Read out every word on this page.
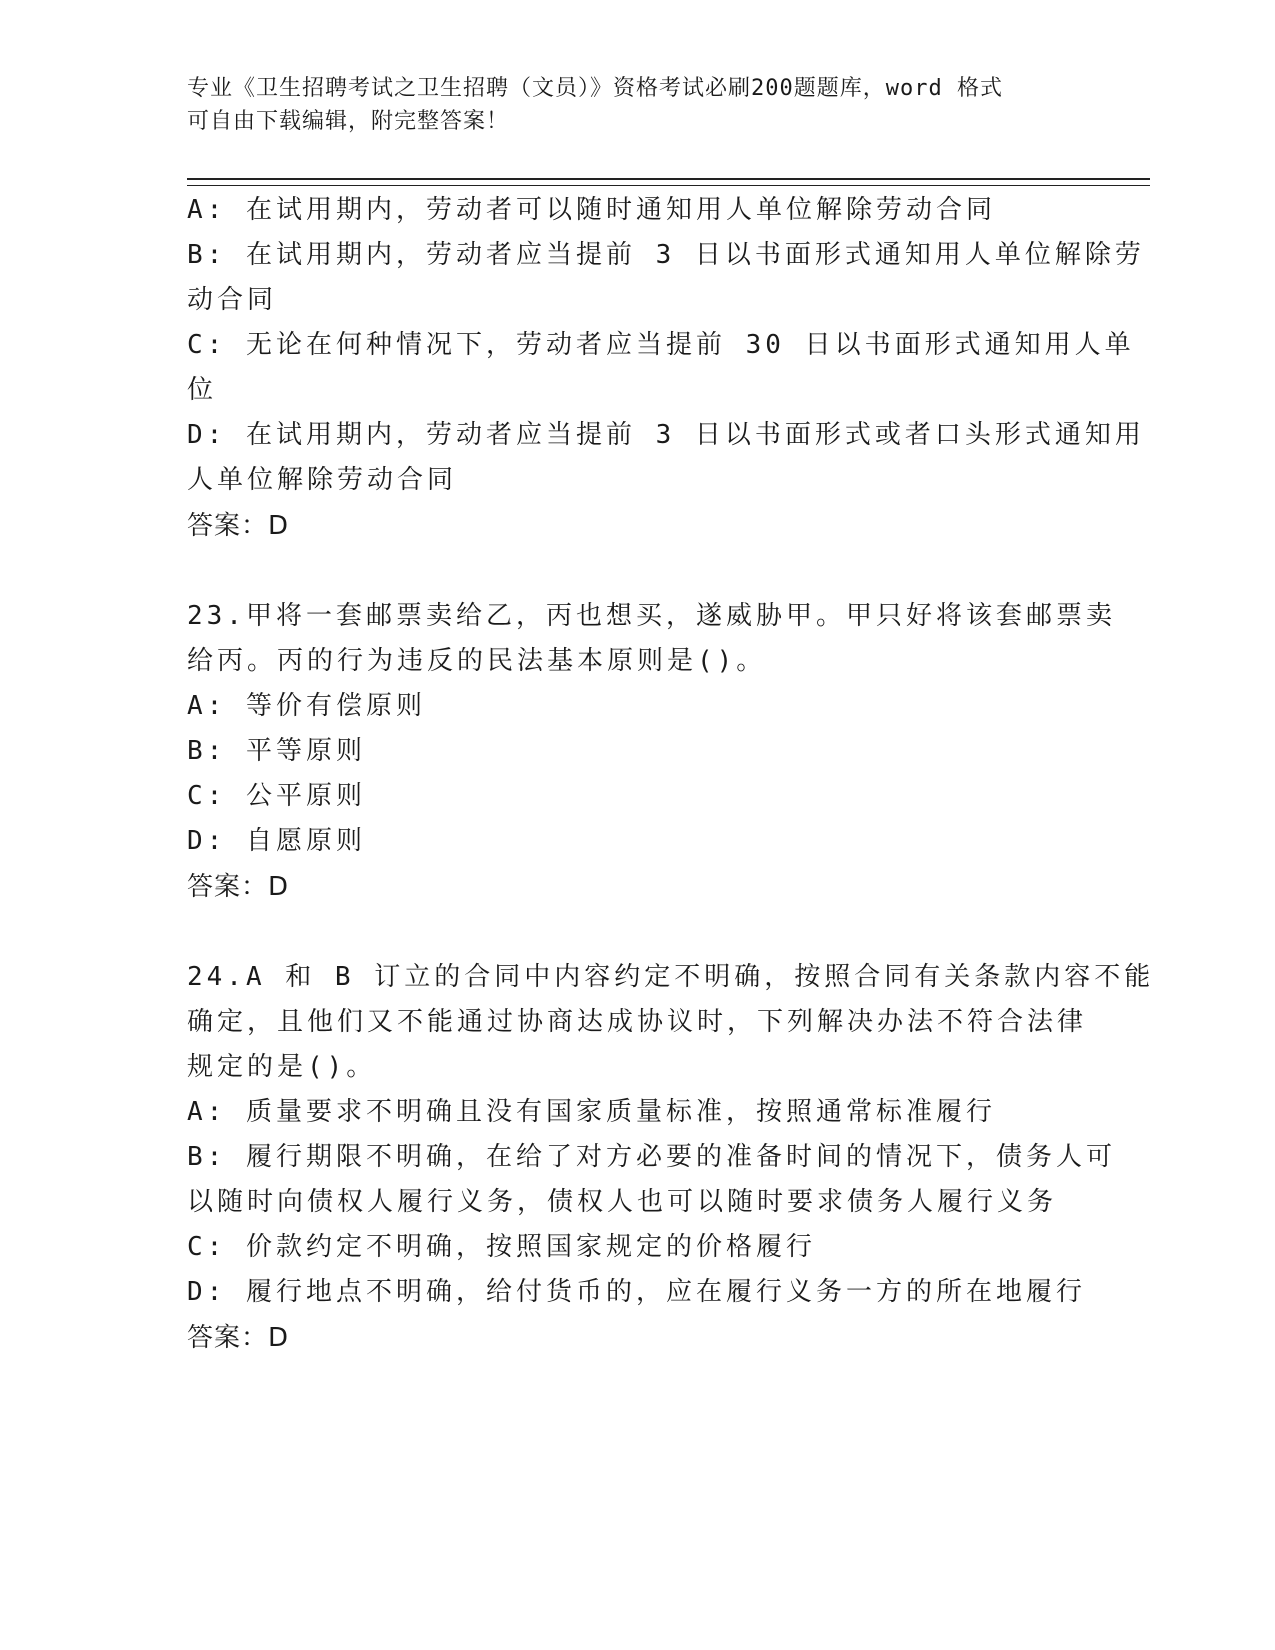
专业《卫生招聘考试之卫生招聘（文员）》资格考试必刷200题题库，word 格式
可自由下载编辑，附完整答案！
A: 在试用期内，劳动者可以随时通知用人单位解除劳动合同
B: 在试用期内，劳动者应当提前 3 日以书面形式通知用人单位解除劳
动合同
C: 无论在何种情况下，劳动者应当提前 30 日以书面形式通知用人单
位
D: 在试用期内，劳动者应当提前 3 日以书面形式或者口头形式通知用
人单位解除劳动合同
答案：D
23.甲将一套邮票卖给乙，丙也想买，遂威胁甲。甲只好将该套邮票卖
给丙。丙的行为违反的民法基本原则是()。
A: 等价有偿原则
B: 平等原则
C: 公平原则
D: 自愿原则
答案：D
24.A 和 B 订立的合同中内容约定不明确，按照合同有关条款内容不能
确定，且他们又不能通过协商达成协议时，下列解决办法不符合法律
规定的是()。
A: 质量要求不明确且没有国家质量标准，按照通常标准履行
B: 履行期限不明确，在给了对方必要的准备时间的情况下，债务人可
以随时向债权人履行义务，债权人也可以随时要求债务人履行义务
C: 价款约定不明确，按照国家规定的价格履行
D: 履行地点不明确，给付货币的，应在履行义务一方的所在地履行
答案：D
